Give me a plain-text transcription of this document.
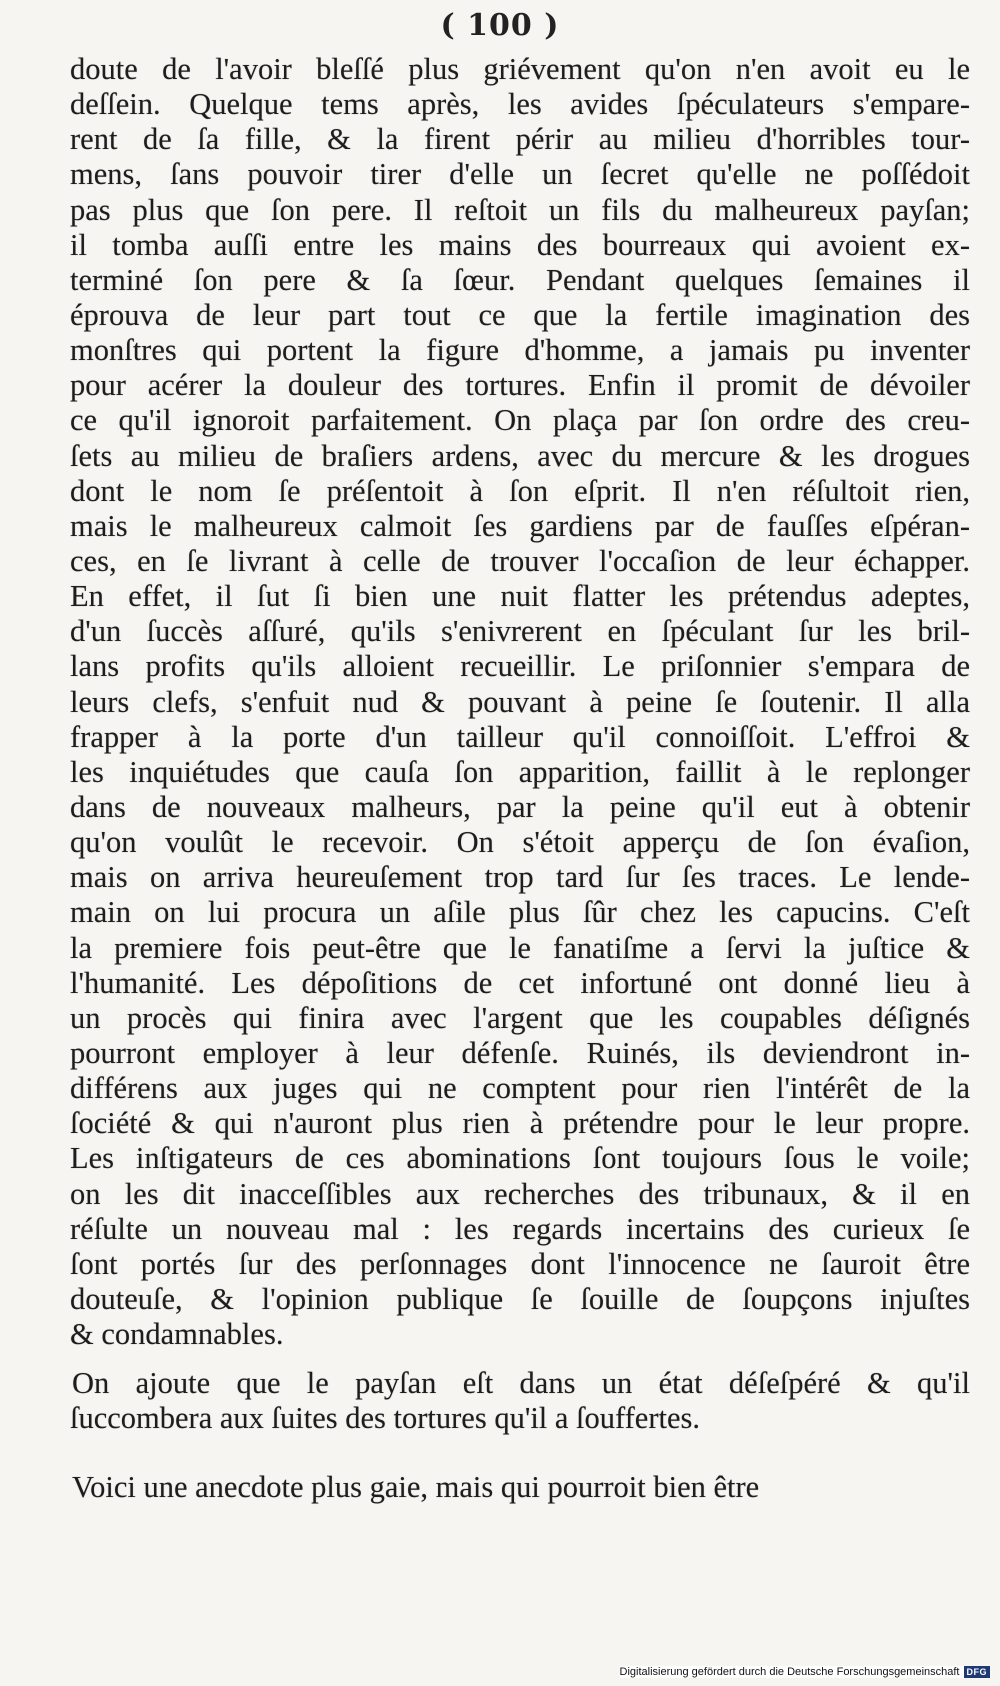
( 100 )
doute de l'avoir bleſſé plus griévement qu'on n'en avoit eu le
deſſein. Quelque tems après, les avides ſpéculateurs s'empare-
rent de ſa fille, & la firent périr au milieu d'horribles tour-
mens, ſans pouvoir tirer d'elle un ſecret qu'elle ne poſſédoit
pas plus que ſon pere. Il reſtoit un fils du malheureux payſan;
il tomba auſſi entre les mains des bourreaux qui avoient ex-
terminé ſon pere & ſa ſœur. Pendant quelques ſemaines il
éprouva de leur part tout ce que la fertile imagination des
monſtres qui portent la figure d'homme, a jamais pu inventer
pour acérer la douleur des tortures. Enfin il promit de dévoiler
ce qu'il ignoroit parfaitement. On plaça par ſon ordre des creu-
ſets au milieu de braſiers ardens, avec du mercure & les drogues
dont le nom ſe préſentoit à ſon eſprit. Il n'en réſultoit rien,
mais le malheureux calmoit ſes gardiens par de fauſſes eſpéran-
ces, en ſe livrant à celle de trouver l'occaſion de leur échapper.
En effet, il ſut ſi bien une nuit flatter les prétendus adeptes,
d'un ſuccès aſſuré, qu'ils s'enivrerent en ſpéculant ſur les bril-
lans profits qu'ils alloient recueillir. Le priſonnier s'empara de
leurs clefs, s'enfuit nud & pouvant à peine ſe ſoutenir. Il alla
frapper à la porte d'un tailleur qu'il connoiſſoit. L'effroi &
les inquiétudes que cauſa ſon apparition, faillit à le replonger
dans de nouveaux malheurs, par la peine qu'il eut à obtenir
qu'on voulût le recevoir. On s'étoit apperçu de ſon évaſion,
mais on arriva heureuſement trop tard ſur ſes traces. Le lende-
main on lui procura un aſile plus ſûr chez les capucins. C'eſt
la premiere fois peut-être que le fanatiſme a ſervi la juſtice &
l'humanité. Les dépoſitions de cet infortuné ont donné lieu à
un procès qui finira avec l'argent que les coupables déſignés
pourront employer à leur défenſe. Ruinés, ils deviendront in-
différens aux juges qui ne comptent pour rien l'intérêt de la
ſociété & qui n'auront plus rien à prétendre pour le leur propre.
Les inſtigateurs de ces abominations ſont toujours ſous le voile;
on les dit inacceſſibles aux recherches des tribunaux, & il en
réſulte un nouveau mal : les regards incertains des curieux ſe
ſont portés ſur des perſonnages dont l'innocence ne ſauroit être
douteuſe, & l'opinion publique ſe ſouille de ſoupçons injuſtes
& condamnables.
On ajoute que le payſan eſt dans un état déſeſpéré & qu'il
ſuccombera aux ſuites des tortures qu'il a ſouffertes.
Voici une anecdote plus gaie, mais qui pourroit bien être
Digitalisierung gefördert durch die Deutsche Forschungsgemeinschaft DFG
